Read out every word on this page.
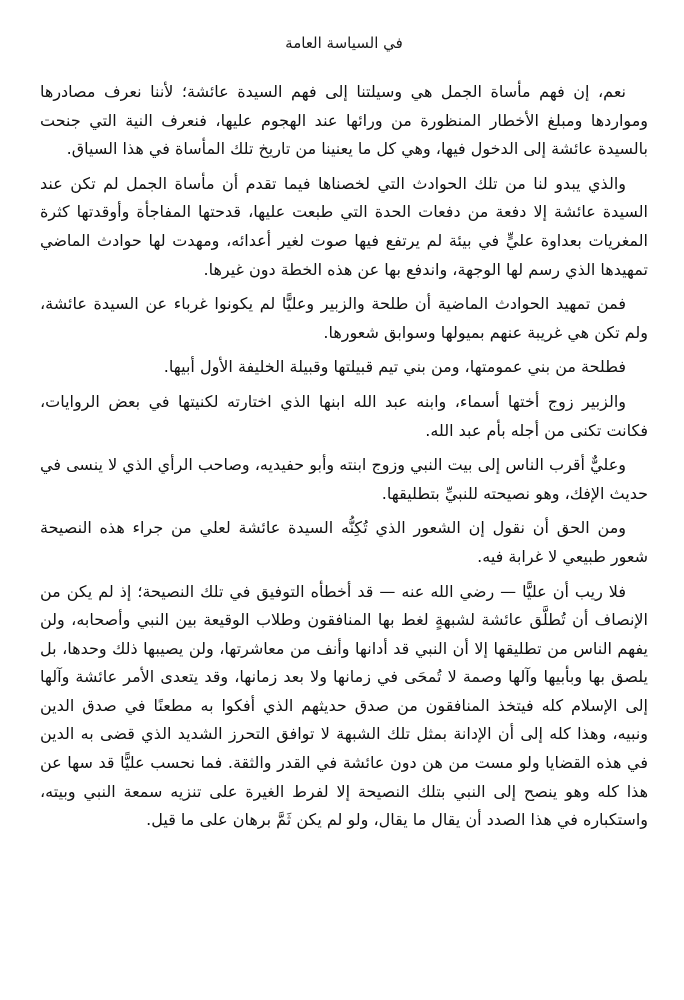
في السياسة العامة

نعم، إن فهم مأساة الجمل هي وسيلتنا إلى فهم السيدة عائشة؛ لأننا نعرف مصادرها ومواردها ومبلغ الأخطار المنظورة من ورائها عند الهجوم عليها، فنعرف النية التي جنحت بالسيدة عائشة إلى الدخول فيها، وهي كل ما يعنينا من تاريخ تلك المأساة في هذا السياق.

والذي يبدو لنا من تلك الحوادث التي لخصناها فيما تقدم أن مأساة الجمل لم تكن عند السيدة عائشة إلا دفعة من دفعات الحدة التي طبعت عليها، قدحتها المفاجأة وأوقدتها كثرة المغريات بعداوة عليٍّ في بيئة لم يرتفع فيها صوت لغير أعدائه، ومهدت لها حوادث الماضي تمهيدها الذي رسم لها الوجهة، واندفع بها عن هذه الخطة دون غيرها.

فمن تمهيد الحوادث الماضية أن طلحة والزبير وعليًّا لم يكونوا غرباء عن السيدة عائشة، ولم تكن هي غريبة عنهم بميولها وسوابق شعورها.

فطلحة من بني عمومتها، ومن بني تيم قبيلتها وقبيلة الخليفة الأول أبيها.

والزبير زوج أختها أسماء، وابنه عبد الله ابنها الذي اختارته لكنيتها في بعض الروايات، فكانت تكنى من أجله بأم عبد الله.

وعليٌّ أقرب الناس إلى بيت النبي وزوج ابنته وأبو حفيديه، وصاحب الرأي الذي لا ينسى في حديث الإفك، وهو نصيحته للنبيِّ بتطليقها.

ومن الحق أن نقول إن الشعور الذي تُكِنُّه السيدة عائشة لعلي من جراء هذه النصيحة شعور طبيعي لا غرابة فيه.

فلا ريب أن عليًّا — رضي الله عنه — قد أخطأه التوفيق في تلك النصيحة؛ إذ لم يكن من الإنصاف أن تُطلَّق عائشة لشبهةٍ لغط بها المنافقون وطلاب الوقيعة بين النبي وأصحابه، ولن يفهم الناس من تطليقها إلا أن النبي قد أدانها وأنف من معاشرتها، ولن يصيبها ذلك وحدها، بل يلصق بها وبأبيها وآلها وصمة لا تُمحَى في زمانها ولا بعد زمانها، وقد يتعدى الأمر عائشة وآلها إلى الإسلام كله فيتخذ المنافقون من صدق حديثهم الذي أفكوا به مطعنًا في صدق الدين ونبيه، وهذا كله إلى أن الإدانة بمثل تلك الشبهة لا توافق التحرز الشديد الذي قضى به الدين في هذه القضايا ولو مست من هن دون عائشة في القدر والثقة. فما نحسب عليًّا قد سها عن هذا كله وهو ينصح إلى النبي بتلك النصيحة إلا لفرط الغيرة على تنزيه سمعة النبي وبيته، واستكباره في هذا الصدد أن يقال ما يقال، ولو لم يكن ثَمَّ برهان على ما قيل.
